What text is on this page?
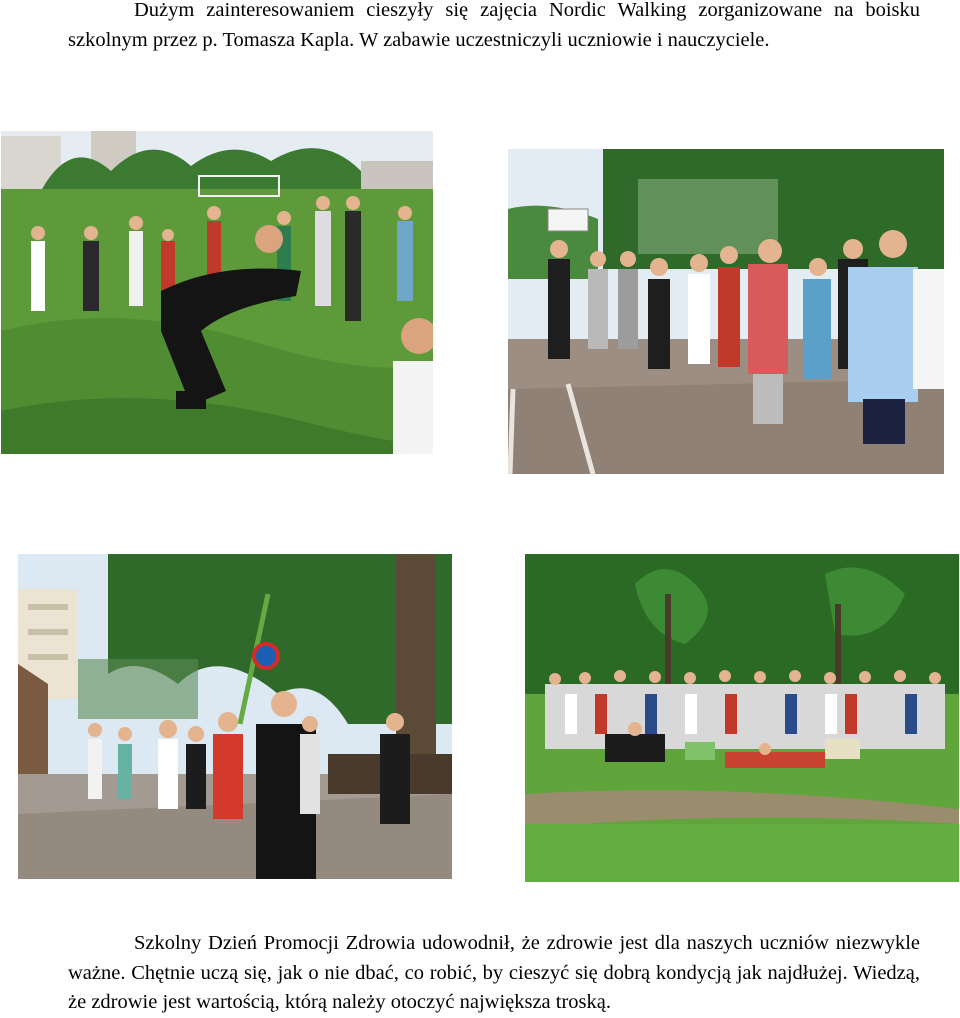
Dużym zainteresowaniem cieszyły się zajęcia Nordic Walking zorganizowane na boisku szkolnym przez p. Tomasza Kapla. W zabawie uczestniczyli uczniowie i nauczyciele.

Szkolny Dzień Promocji Zdrowia udowodnił, że zdrowie jest dla naszych uczniów niezwykle ważne. Chętnie uczą się, jak o nie dbać, co robić, by cieszyć się dobrą kondycją jak najdłużej. Wiedzą, że zdrowie jest wartością, którą należy otoczyć największa troską.
